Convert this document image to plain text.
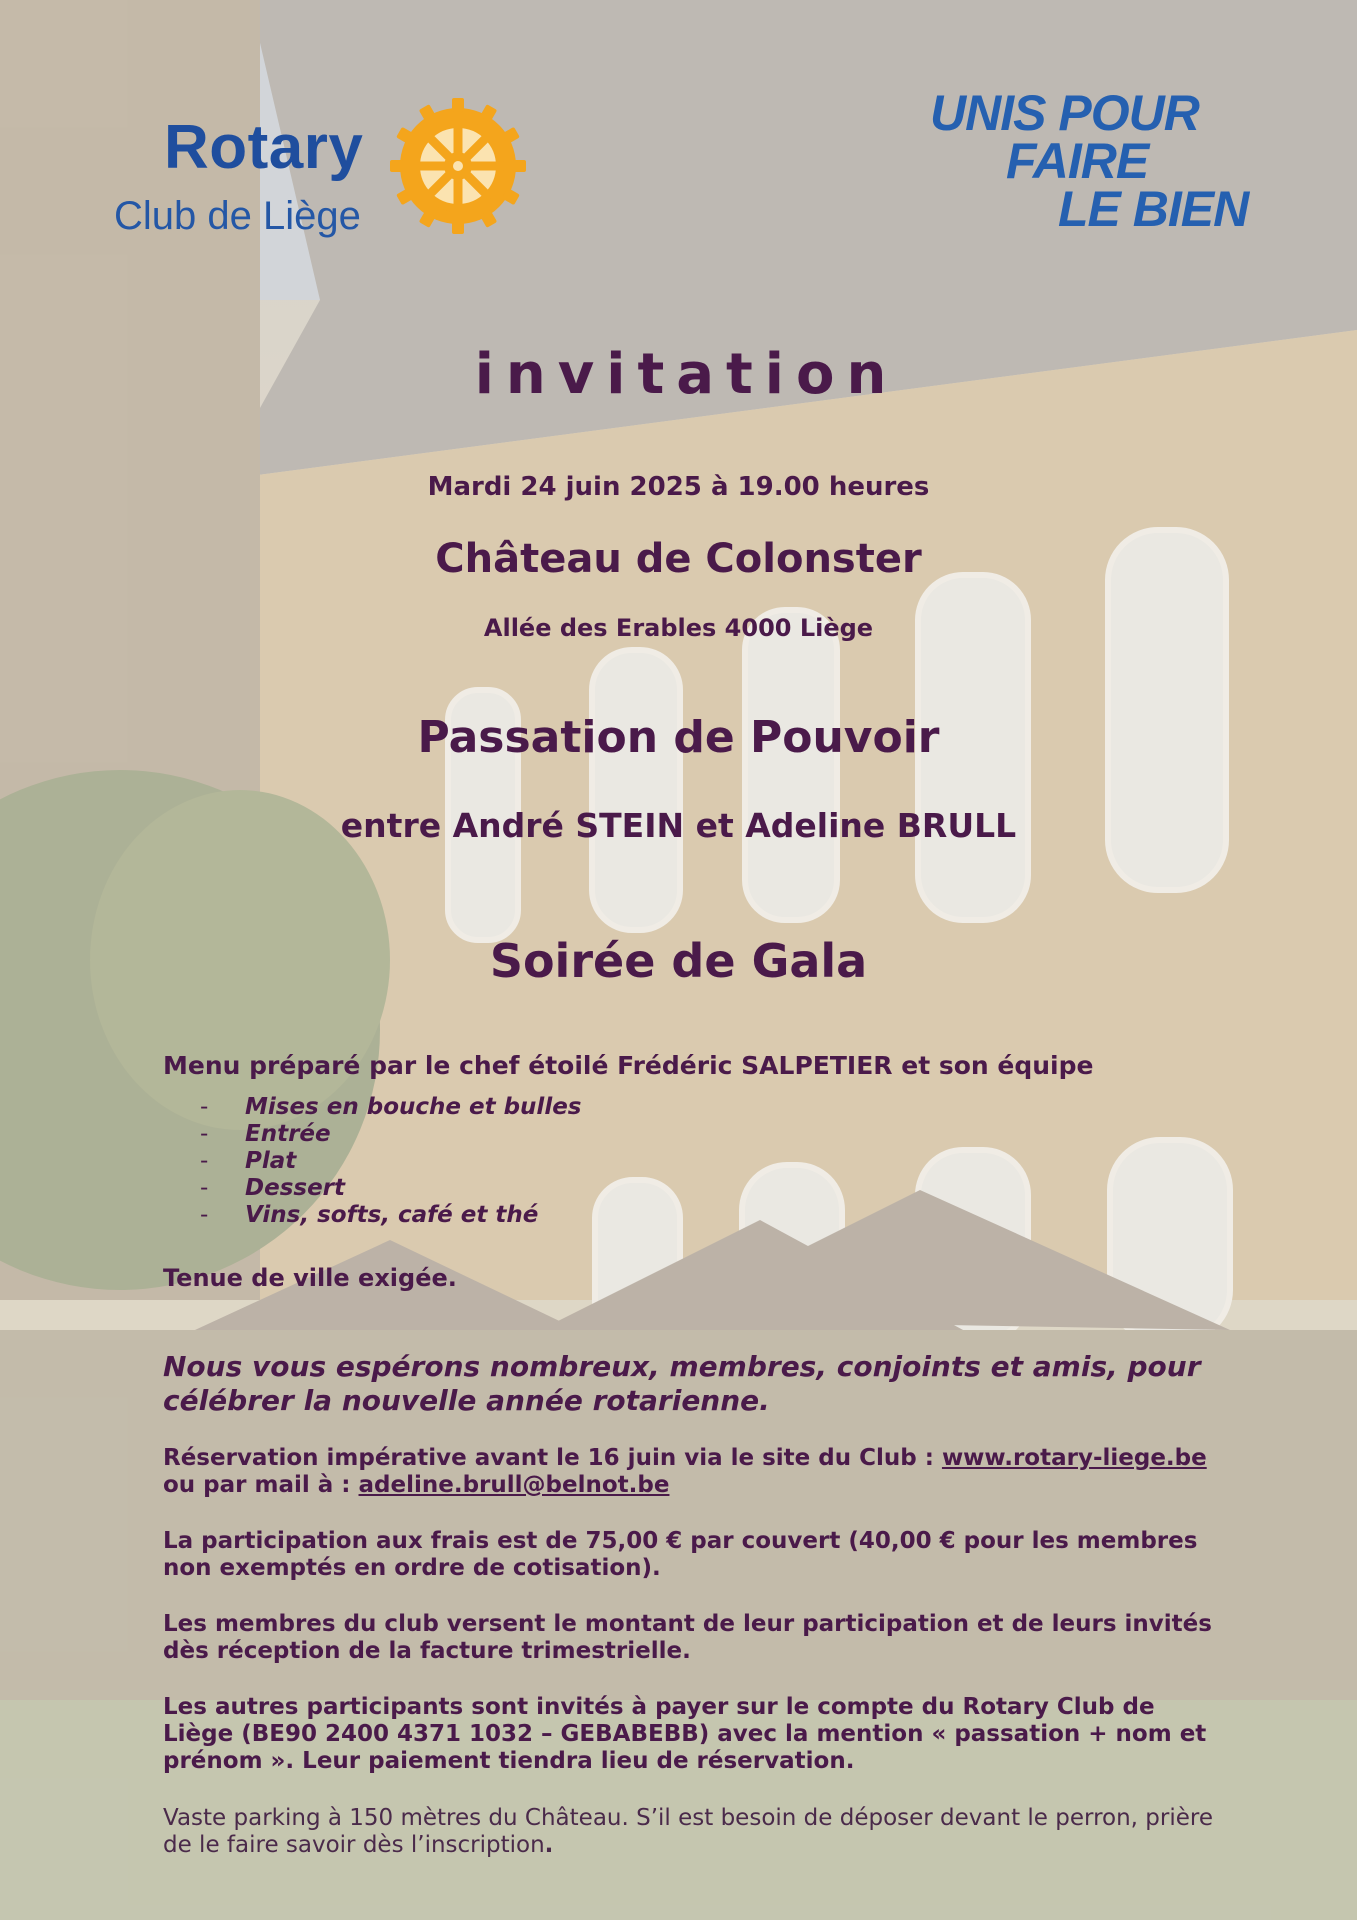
Rotary
Club de Liège
UNIS POUR
FAIRE
LE BIEN
invitation
Mardi 24 juin 2025 à 19.00 heures
Château de Colonster
Allée des Erables 4000 Liège
Passation de Pouvoir
entre André STEIN et Adeline BRULL
Soirée de Gala
Menu préparé par le chef étoilé Frédéric SALPETIER et son équipe
- Mises en bouche et bulles
- Entrée
- Plat
- Dessert
- Vins, softs, café et thé
Tenue de ville exigée.
Nous vous espérons nombreux, membres, conjoints et amis, pour célébrer la nouvelle année rotarienne.
Réservation impérative avant le 16 juin via le site du Club : www.rotary-liege.be
ou par mail à : adeline.brull@belnot.be
La participation aux frais est de 75,00 € par couvert (40,00 € pour les membres non exemptés en ordre de cotisation).
Les membres du club versent le montant de leur participation et de leurs invités dès réception de la facture trimestrielle.
Les autres participants sont invités à payer sur le compte du Rotary Club de Liège (BE90 2400 4371 1032 – GEBABEBB) avec la mention « passation + nom et prénom ». Leur paiement tiendra lieu de réservation.
Vaste parking à 150 mètres du Château. S’il est besoin de déposer devant le perron, prière de le faire savoir dès l’inscription.
